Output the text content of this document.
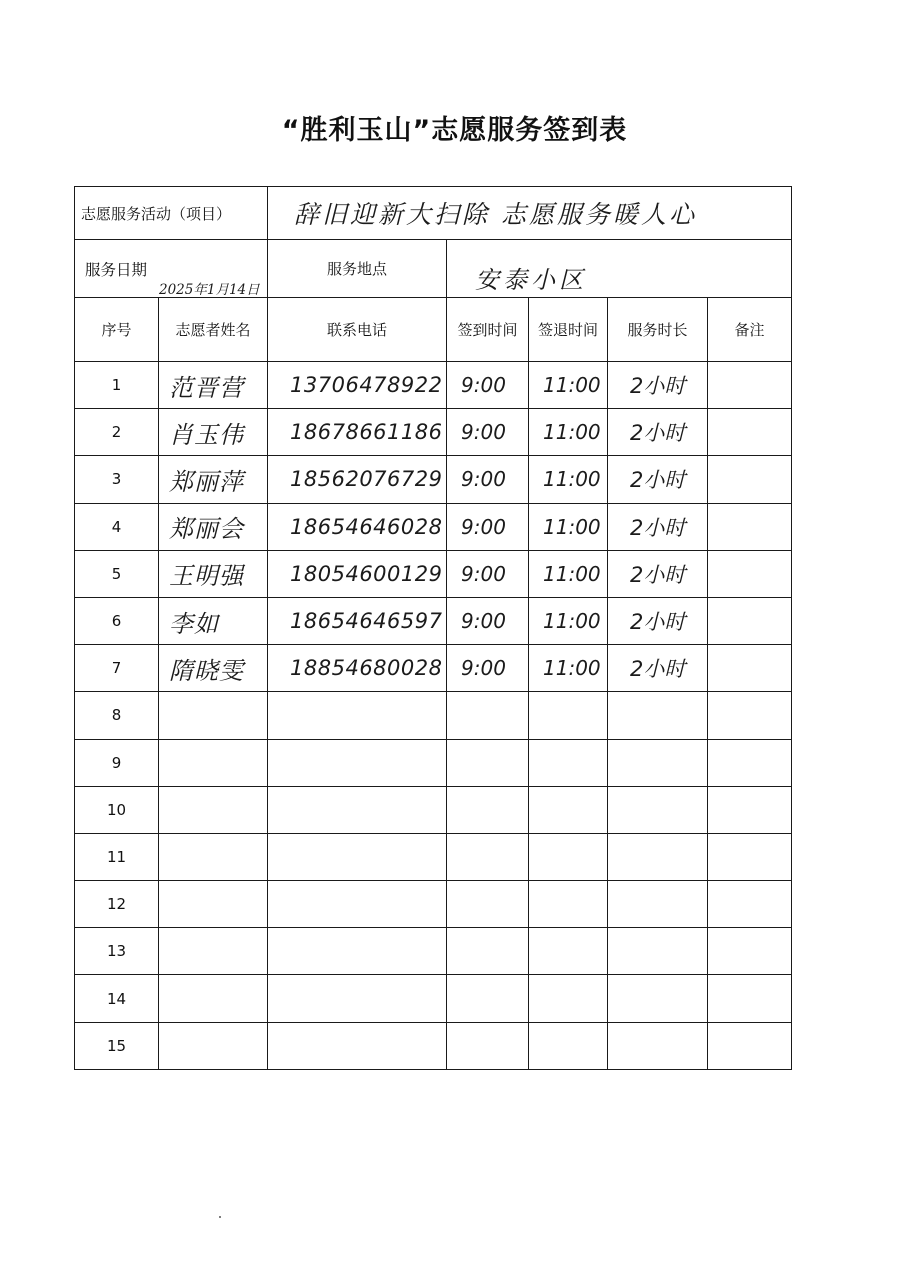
“胜利玉山”志愿服务签到表
志愿服务活动（项目）		辞旧迎新大扫除 志愿服务暖人心				

服务日期
2025年1月14日		服务地点	安泰小区			
序号	志愿者姓名	联系电话	签到时间	签退时间	服务时长	备注
1	范晋营	13706478922	9:00	11:00	2小时	
2	肖玉伟	18678661186	9:00	11:00	2小时	
3	郑丽萍	18562076729	9:00	11:00	2小时	
4	郑丽会	18654646028	9:00	11:00	2小时	
5	王明强	18054600129	9:00	11:00	2小时	
6	李如	18654646597	9:00	11:00	2小时	
7	隋晓雯	18854680028	9:00	11:00	2小时	
8						
9						
10						
11						
12						
13						
14						
15						
